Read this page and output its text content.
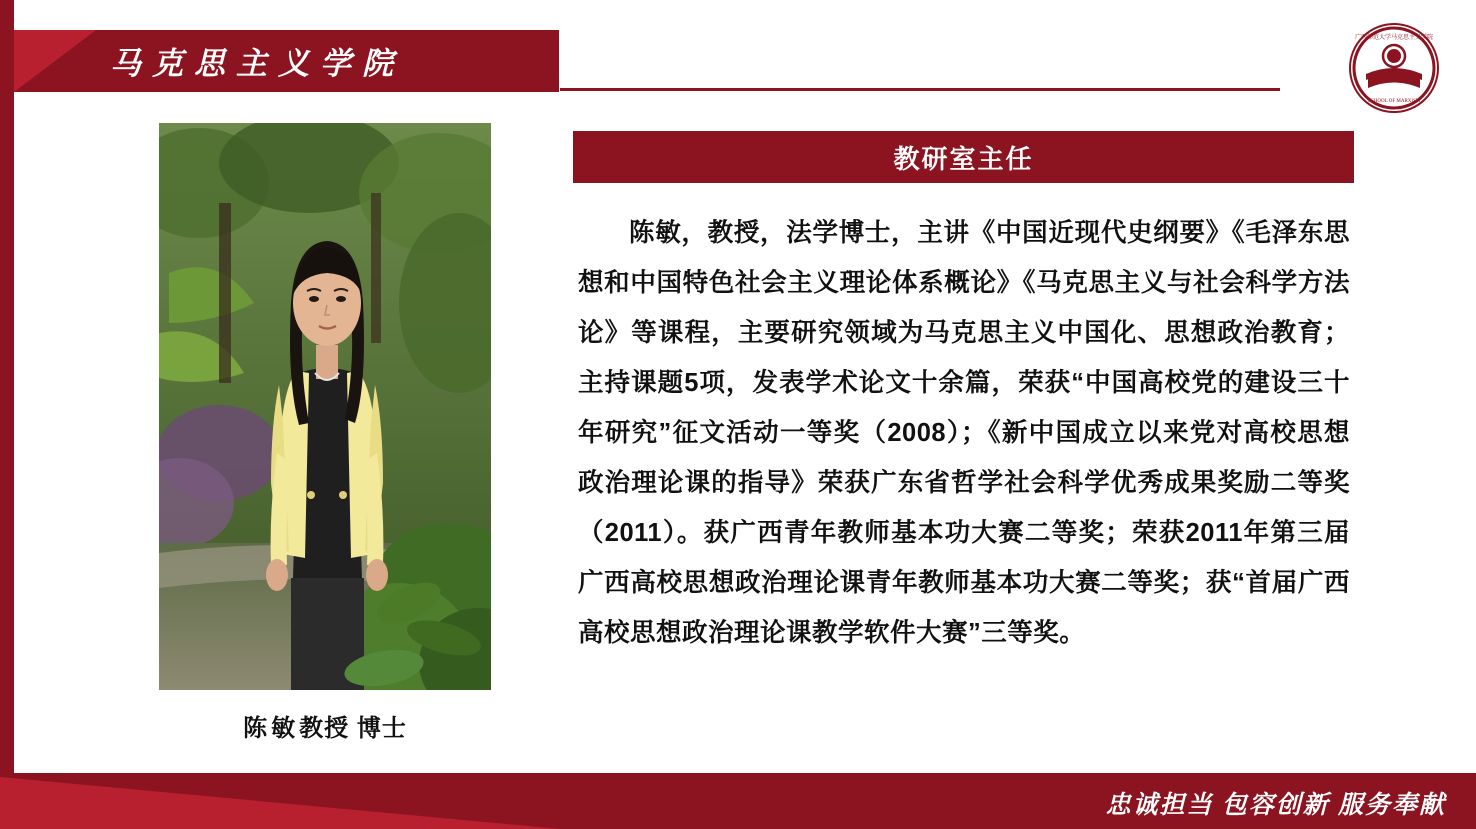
马克思主义学院
广西师范大学马克思主义学院
SCHOOL OF MARXISM
陈敏教授 博士
教研室主任
陈敏，教授，法学博士，主讲《中国近现代史纲要》《毛泽东思想和中国特色社会主义理论体系概论》《马克思主义与社会科学方法论》等课程，主要研究领域为马克思主义中国化、思想政治教育；主持课题5项，发表学术论文十余篇，荣获“中国高校党的建设三十年研究”征文活动一等奖（2008）；《新中国成立以来党对高校思想政治理论课的指导》荣获广东省哲学社会科学优秀成果奖励二等奖（2011）。获广西青年教师基本功大赛二等奖；荣获2011年第三届广西高校思想政治理论课青年教师基本功大赛二等奖；获“首届广西高校思想政治理论课教学软件大赛”三等奖。
忠诚担当 包容创新 服务奉献
